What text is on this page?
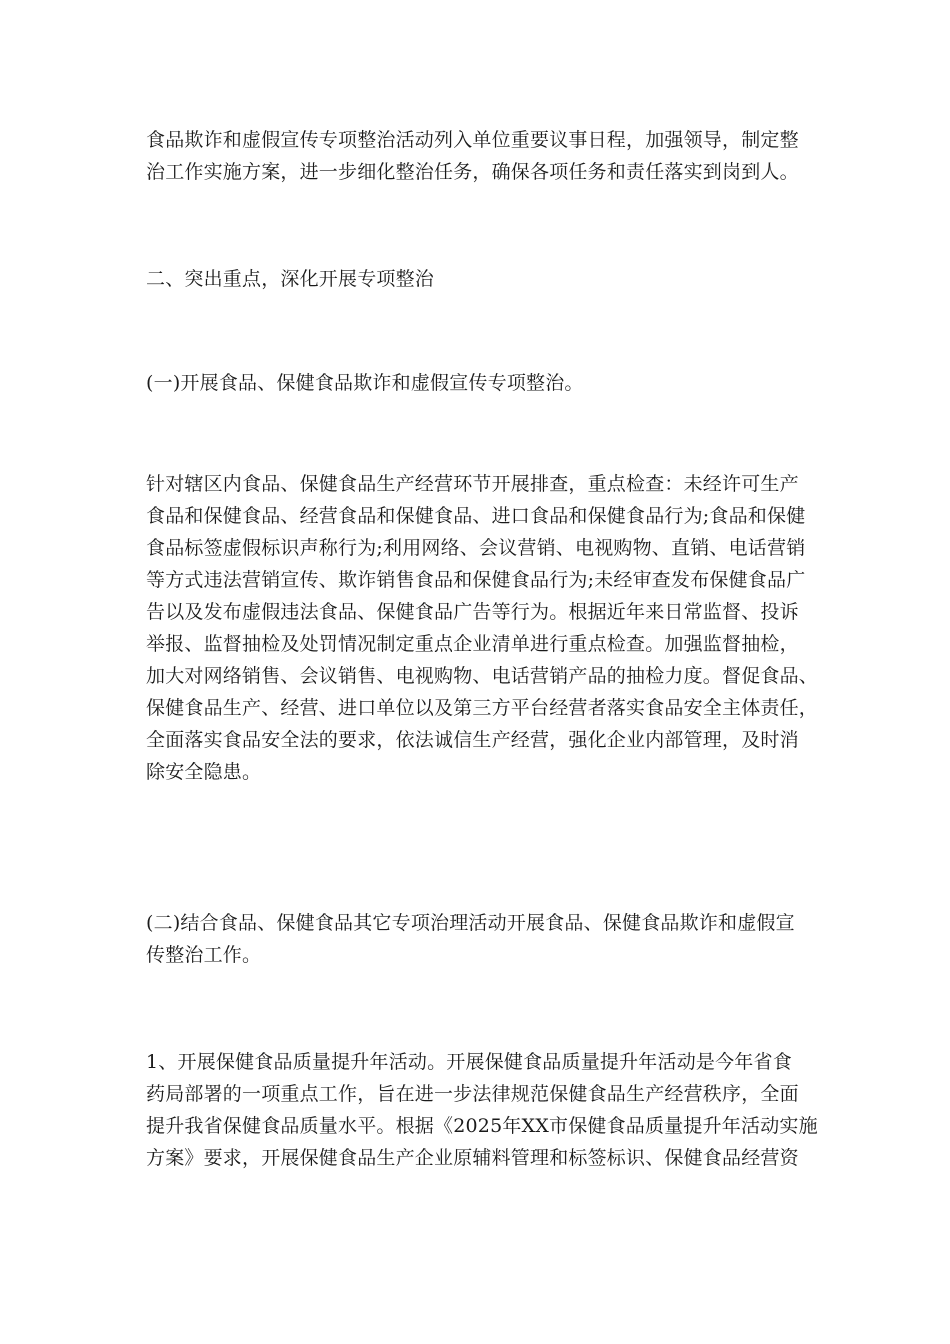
食品欺诈和虚假宣传专项整治活动列入单位重要议事日程，加强领导，制定整
治工作实施方案，进一步细化整治任务，确保各项任务和责任落实到岗到人。
二、突出重点，深化开展专项整治
(一)开展食品、保健食品欺诈和虚假宣传专项整治。
针对辖区内食品、保健食品生产经营环节开展排查，重点检查：未经许可生产
食品和保健食品、经营食品和保健食品、进口食品和保健食品行为;食品和保健
食品标签虚假标识声称行为;利用网络、会议营销、电视购物、直销、电话营销
等方式违法营销宣传、欺诈销售食品和保健食品行为;未经审查发布保健食品广
告以及发布虚假违法食品、保健食品广告等行为。根据近年来日常监督、投诉
举报、监督抽检及处罚情况制定重点企业清单进行重点检查。加强监督抽检，
加大对网络销售、会议销售、电视购物、电话营销产品的抽检力度。督促食品、
保健食品生产、经营、进口单位以及第三方平台经营者落实食品安全主体责任，
全面落实食品安全法的要求，依法诚信生产经营，强化企业内部管理，及时消
除安全隐患。
(二)结合食品、保健食品其它专项治理活动开展食品、保健食品欺诈和虚假宣
传整治工作。
1、开展保健食品质量提升年活动。开展保健食品质量提升年活动是今年省食
药局部署的一项重点工作，旨在进一步法律规范保健食品生产经营秩序，全面
提升我省保健食品质量水平。根据《2025年XX市保健食品质量提升年活动实施
方案》要求，开展保健食品生产企业原辅料管理和标签标识、保健食品经营资
